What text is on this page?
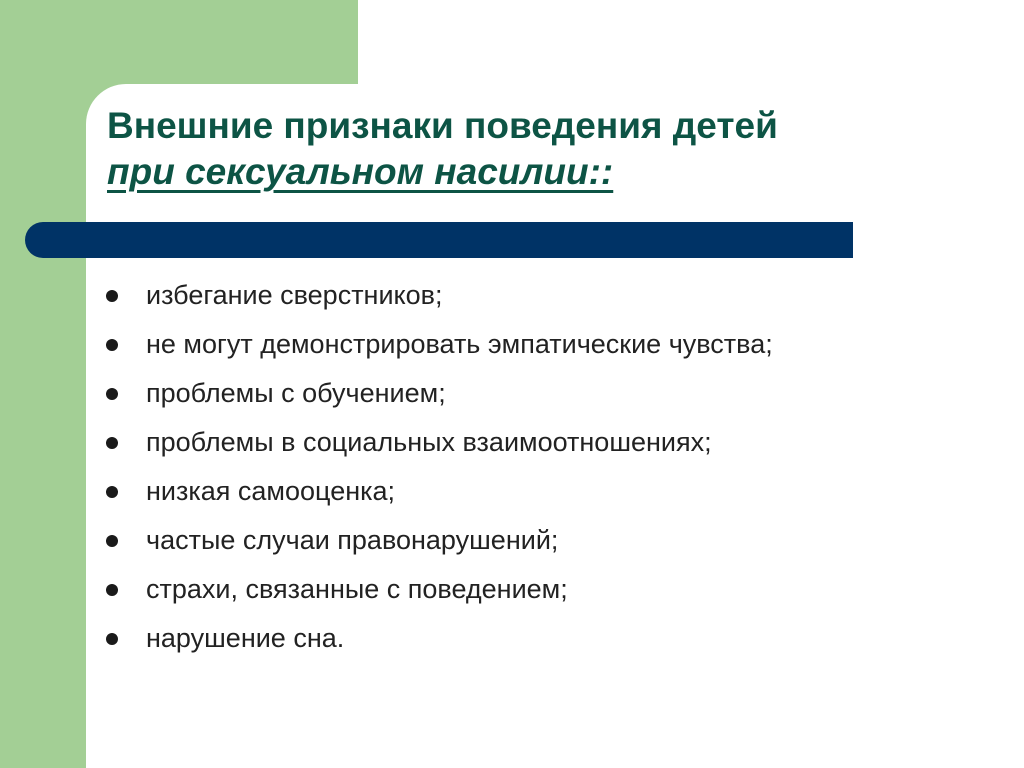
Внешние признаки поведения детей
при сексуальном насилии::
избегание сверстников;
не могут демонстрировать эмпатические чувства;
проблемы с обучением;
проблемы в социальных взаимоотношениях;
низкая самооценка;
частые случаи правонарушений;
страхи, связанные с поведением;
нарушение сна.
